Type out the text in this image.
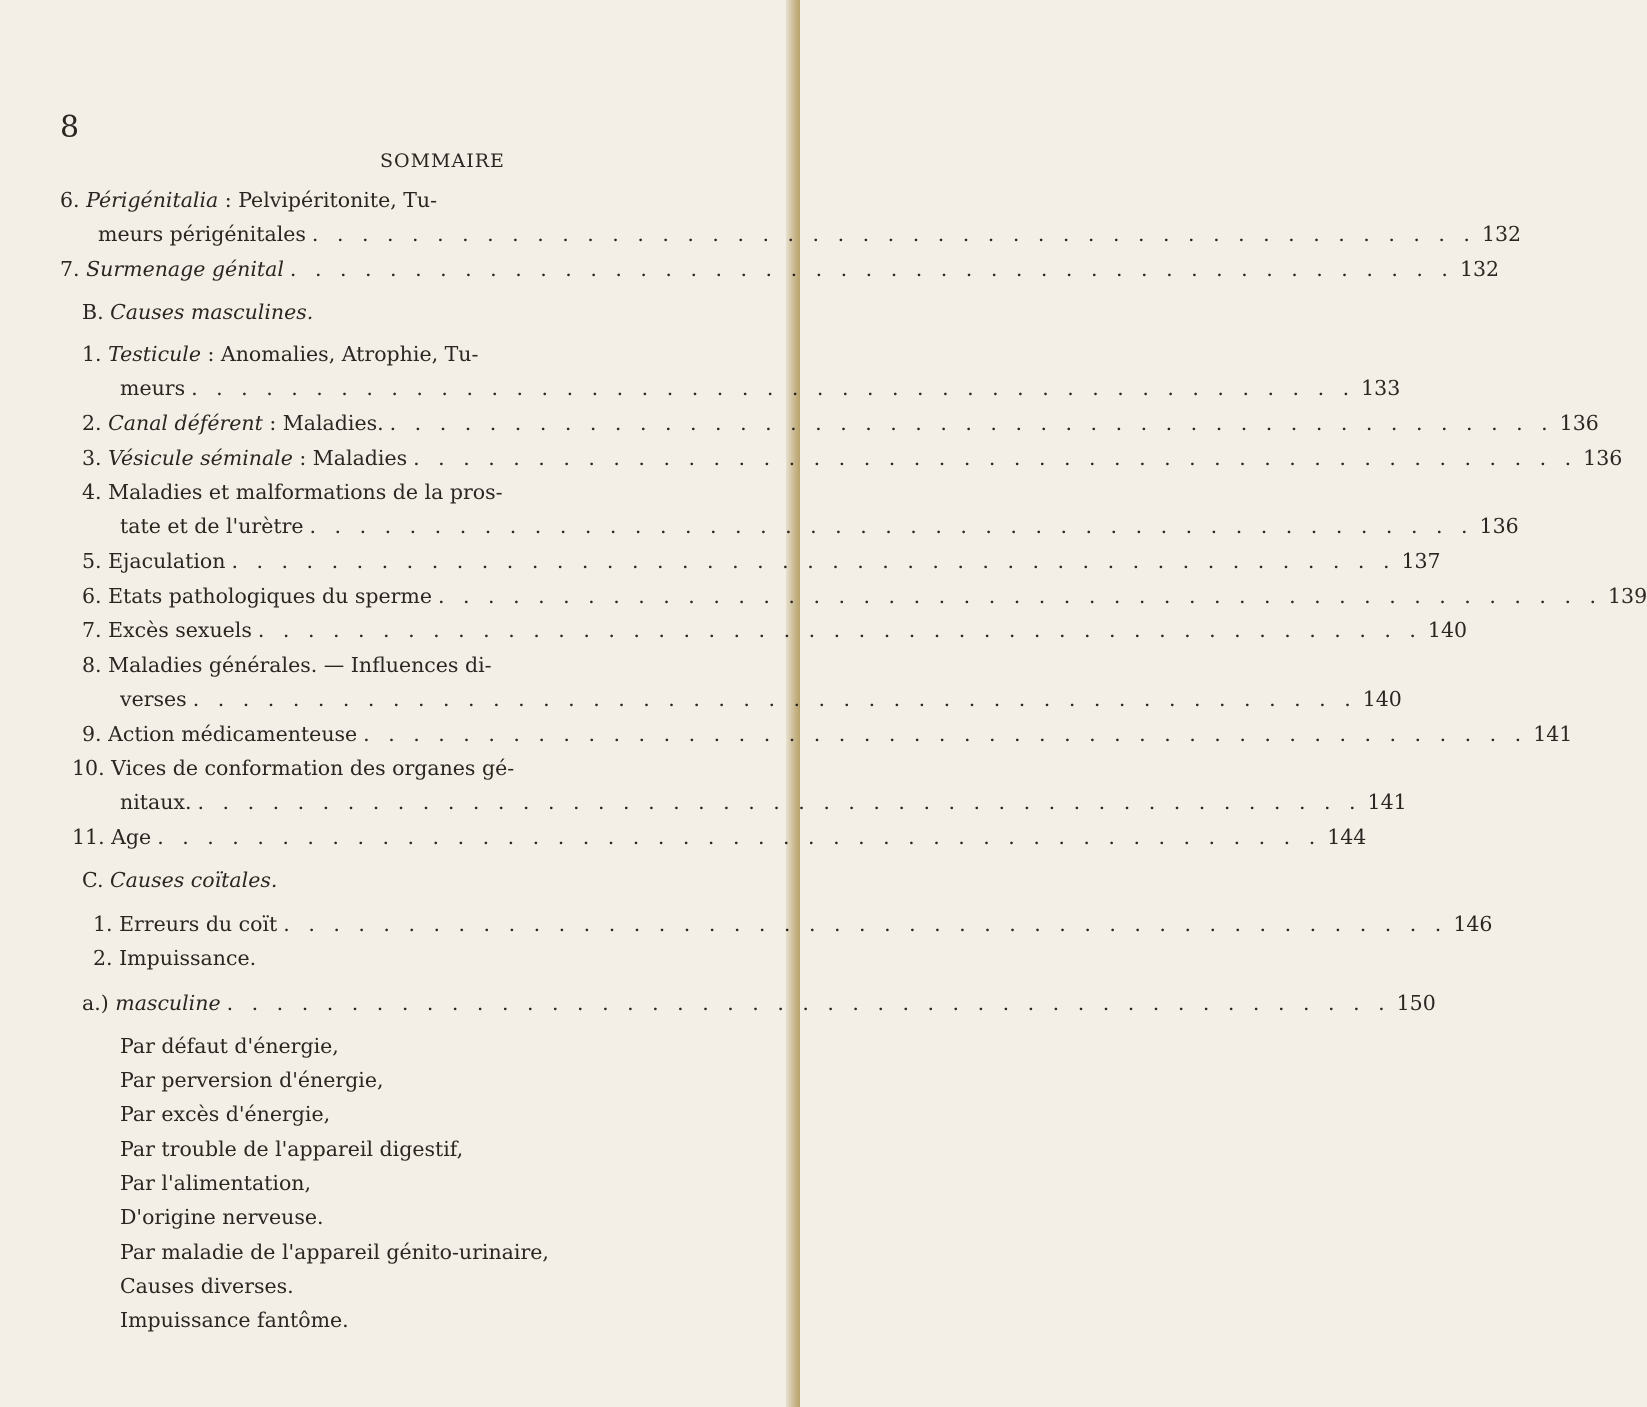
8
SOMMAIRE
6. Périgénitalia : Pelvipéritonite, Tu-
meurs périgénitales . . . . . . . . . . . . . . . . . . . . . . . . . . . . . . . . . . . . . . . . . . . . . . . 132
7. Surmenage génital . . . . . . . . . . . . . . . . . . . . . . . . . . . . . . . . . . . . . . . . . . . . . . . 132
B. Causes masculines.
1. Testicule : Anomalies, Atrophie, Tu-
meurs . . . . . . . . . . . . . . . . . . . . . . . . . . . . . . . . . . . . . . . . . . . . . . . 133
2. Canal déférent : Maladies. . . . . . . . . . . . . . . . . . . . . . . . . . . . . . . . . . . . . . . . . . . . . . . . 136
3. Vésicule séminale : Maladies . . . . . . . . . . . . . . . . . . . . . . . . . . . . . . . . . . . . . . . . . . . . . . . 136
4. Maladies et malformations de la pros-
tate et de l'urètre . . . . . . . . . . . . . . . . . . . . . . . . . . . . . . . . . . . . . . . . . . . . . . . 136
5. Ejaculation . . . . . . . . . . . . . . . . . . . . . . . . . . . . . . . . . . . . . . . . . . . . . . . 137
6. Etats pathologiques du sperme . . . . . . . . . . . . . . . . . . . . . . . . . . . . . . . . . . . . . . . . . . . . . . . 139
7. Excès sexuels . . . . . . . . . . . . . . . . . . . . . . . . . . . . . . . . . . . . . . . . . . . . . . . 140
8. Maladies générales. — Influences di-
verses . . . . . . . . . . . . . . . . . . . . . . . . . . . . . . . . . . . . . . . . . . . . . . . 140
9. Action médicamenteuse . . . . . . . . . . . . . . . . . . . . . . . . . . . . . . . . . . . . . . . . . . . . . . . 141
10. Vices de conformation des organes gé-
nitaux. . . . . . . . . . . . . . . . . . . . . . . . . . . . . . . . . . . . . . . . . . . . . . . . 141
11. Age . . . . . . . . . . . . . . . . . . . . . . . . . . . . . . . . . . . . . . . . . . . . . . . 144
C. Causes coïtales.
1. Erreurs du coït . . . . . . . . . . . . . . . . . . . . . . . . . . . . . . . . . . . . . . . . . . . . . . . 146
2. Impuissance.
a.) masculine . . . . . . . . . . . . . . . . . . . . . . . . . . . . . . . . . . . . . . . . . . . . . . . 150
Par défaut d'énergie,
Par perversion d'énergie,
Par excès d'énergie,
Par trouble de l'appareil digestif,
Par l'alimentation,
D'origine nerveuse.
Par maladie de l'appareil génito-urinaire,
Causes diverses.
Impuissance fantôme.
